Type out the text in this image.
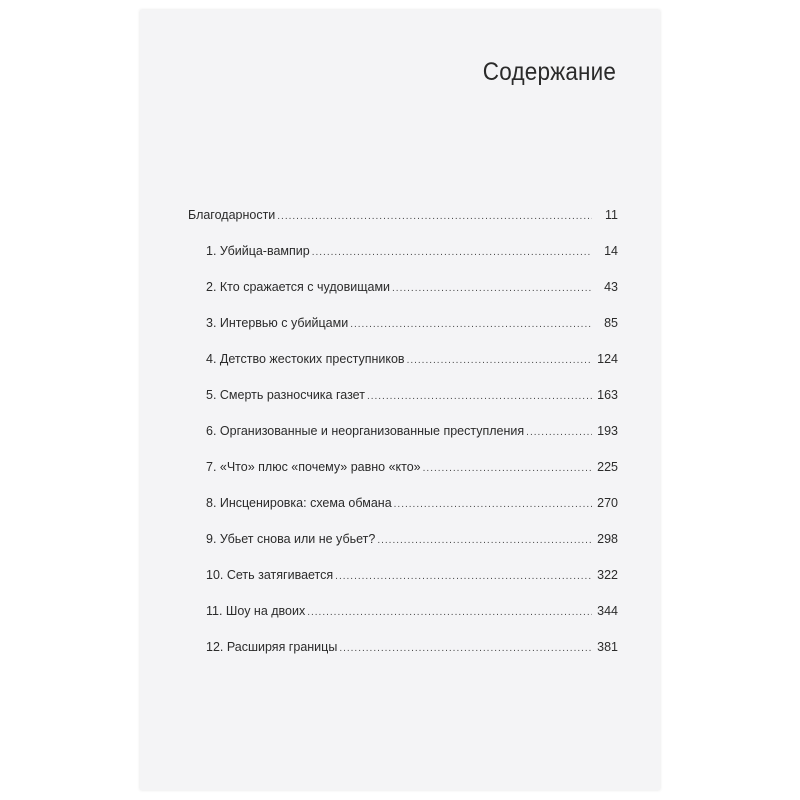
Содержание
Благодарности .....	11
1. Убийца-вампир .....	14
2. Кто сражается с чудовищами .....	43
3. Интервью с убийцами .....	85
4. Детство жестоких преступников .....	124
5. Смерть разносчика газет .....	163
6. Организованные и неорганизованные преступления .....	193
7. «Что» плюс «почему» равно «кто» .....	225
8. Инсценировка: схема обмана .....	270
9. Убьет снова или не убьет? .....	298
10. Сеть затягивается .....	322
11. Шоу на двоих .....	344
12. Расширяя границы .....	381
